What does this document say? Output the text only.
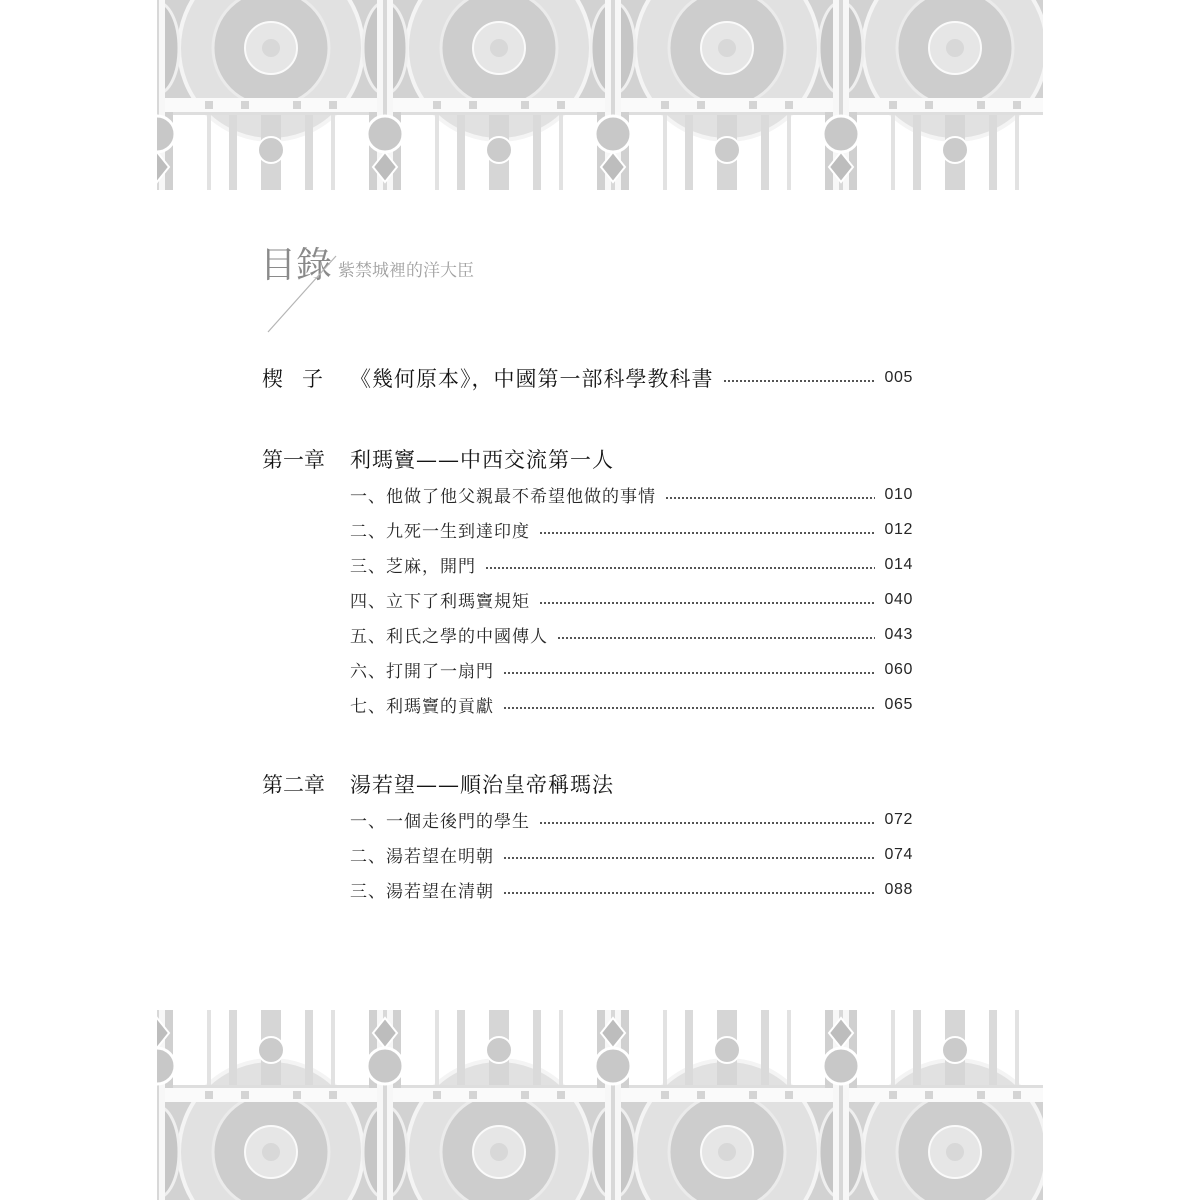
目錄 紫禁城裡的洋大臣
楔子 《幾何原本》，中國第一部科學教科書	005
第一章	利瑪竇——中西交流第一人
一、他做了他父親最不希望他做的事情	010
二、九死一生到達印度	012
三、芝麻，開門	014
四、立下了利瑪竇規矩	040
五、利氏之學的中國傳人	043
六、打開了一扇門	060
七、利瑪竇的貢獻	065
第二章	湯若望——順治皇帝稱瑪法
一、一個走後門的學生	072
二、湯若望在明朝	074
三、湯若望在清朝	088
